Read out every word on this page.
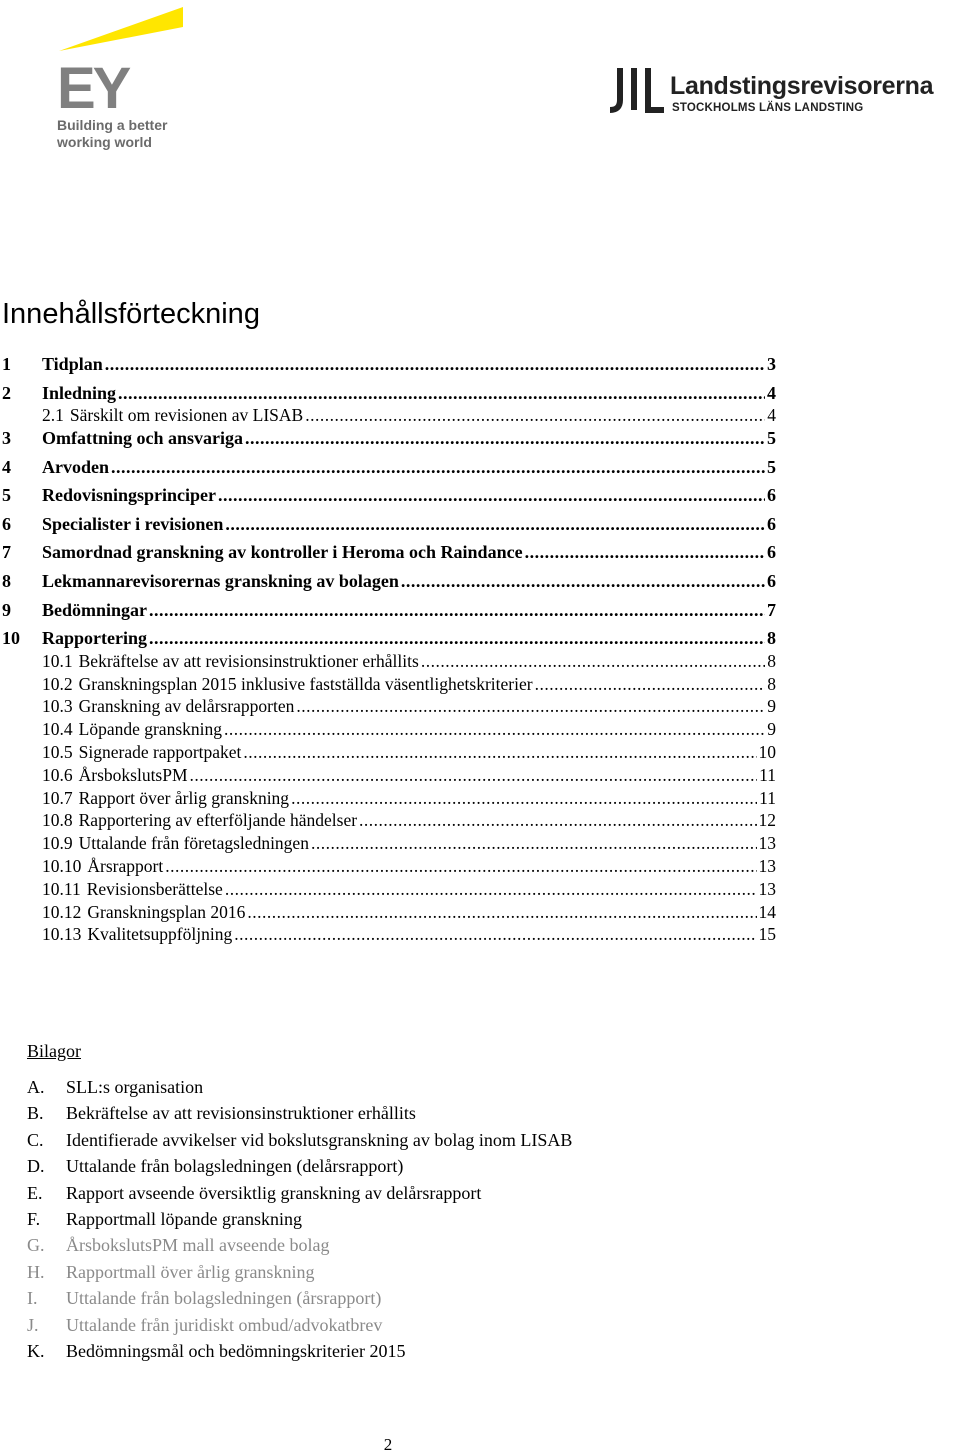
EY
Building a better working world
Landstingsrevisorerna
STOCKHOLMS LÄNS LANDSTING
Innehållsförteckning
1	Tidplan .....	3
2	Inledning .....	4
2.1 Särskilt om revisionen av LISAB .....	4
3	Omfattning och ansvariga .....	5
4	Arvoden .....	5
5	Redovisningsprinciper .....	6
6	Specialister i revisionen .....	6
7	Samordnad granskning av kontroller i Heroma och Raindance .....	6
8	Lekmannarevisorernas granskning av bolagen .....	6
9	Bedömningar .....	7
10	Rapportering .....	8
10.1 Bekräftelse av att revisionsinstruktioner erhållits .....	8
10.2 Granskningsplan 2015 inklusive fastställda väsentlighetskriterier .....	8
10.3 Granskning av delårsrapporten .....	9
10.4 Löpande granskning .....	9
10.5 Signerade rapportpaket .....	10
10.6 ÅrsbokslutsPM .....	11
10.7 Rapport över årlig granskning .....	11
10.8 Rapportering av efterföljande händelser .....	12
10.9 Uttalande från företagsledningen .....	13
10.10 Årsrapport .....	13
10.11 Revisionsberättelse .....	13
10.12 Granskningsplan 2016 .....	14
10.13 Kvalitetsuppföljning .....	15
Bilagor
A.	SLL:s organisation
B.	Bekräftelse av att revisionsinstruktioner erhållits
C.	Identifierade avvikelser vid bokslutsgranskning av bolag inom LISAB
D.	Uttalande från bolagsledningen (delårsrapport)
E.	Rapport avseende översiktlig granskning av delårsrapport
F.	Rapportmall löpande granskning
G.	ÅrsbokslutsPM mall avseende bolag
H.	Rapportmall över årlig granskning
I.	Uttalande från bolagsledningen (årsrapport)
J.	Uttalande från juridiskt ombud/advokatbrev
K.	Bedömningsmål och bedömningskriterier 2015
2
